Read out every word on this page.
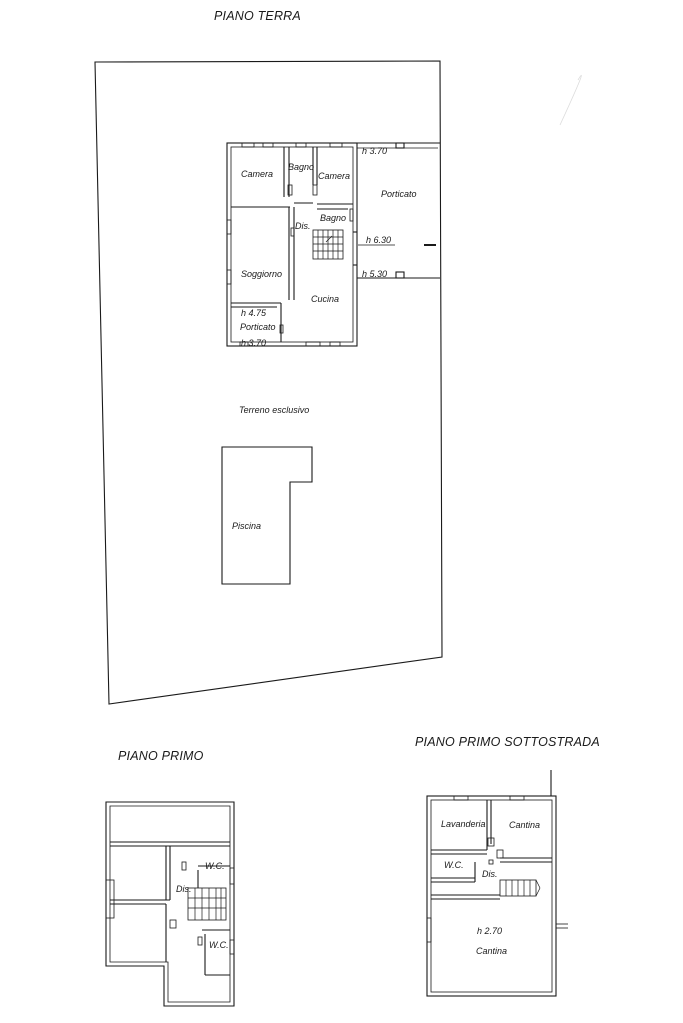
PIANO TERRA
Camera
Bagno
Camera
Porticato
Dis.
Bagno
Soggiorno
Cucina
Porticato
h 3.70
h 6.30
h 5.30
h 4.75
h 3.70
Terreno esclusivo
Piscina
PIANO PRIMO
W.C.
Dis.
W.C.
PIANO PRIMO SOTTOSTRADA
Lavanderia	Cantina
W.C.
Dis.
h 2.70
Cantina
